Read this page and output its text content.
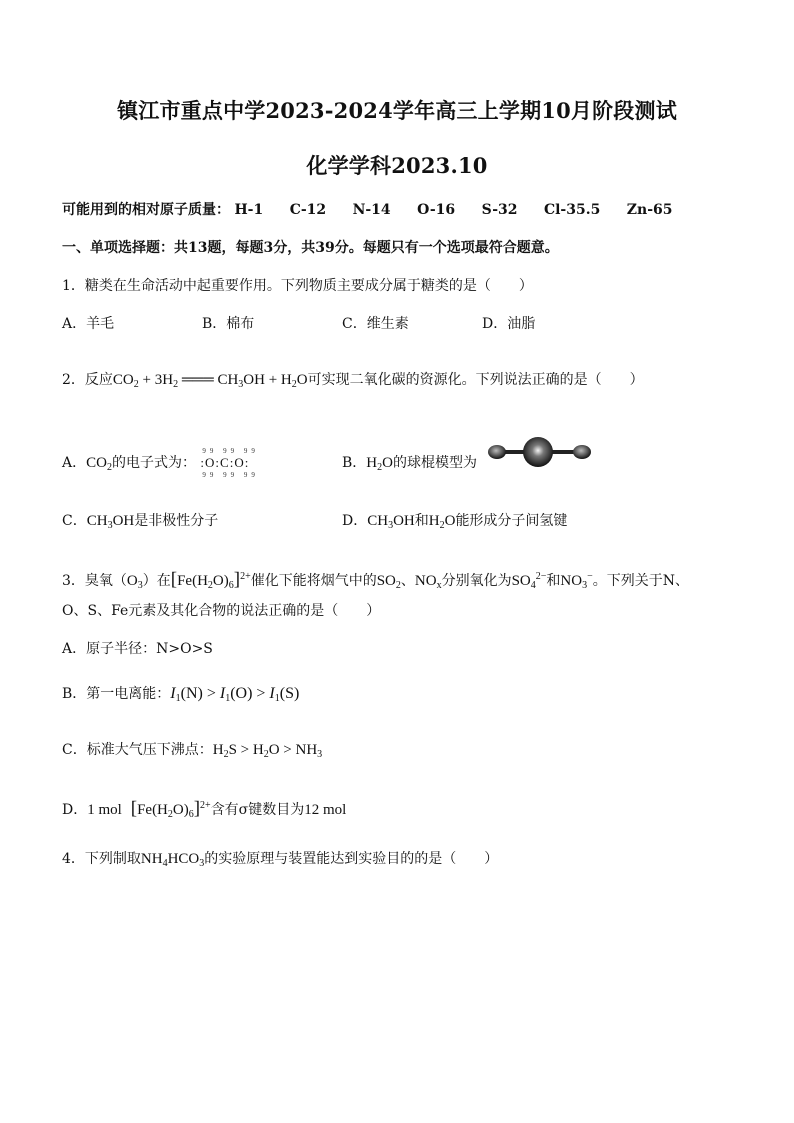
镇江市重点中学2023-2024学年高三上学期10月阶段测试
化学学科2023.10
可能用到的相对原子质量： H-1 C-12 N-14 O-16 S-32 Cl-35.5 Zn-65
一、单项选择题：共13题，每题3分，共39分。每题只有一个选项最符合题意。
1．糖类在生命活动中起重要作用。下列物质主要成分属于糖类的是（　　）
A．羊毛	B．棉布	C．维生素	D．油脂
2．反应$CO_2 + 3H_2$ ═══ $CH_3OH + H_2O$可实现二氧化碳的资源化。下列说法正确的是（　　）
A．$CO_2$的电子式为：
99 99 99
:O:C:O:
99 99 99
B．$H_2O$的球棍模型为
C．$CH_3OH$是非极性分子	D．$CH_3OH$和$H_2O$能形成分子间氢键
3．臭氧$(O_3)$在$[Fe(H_2O)_6]^{2+}$催化下能将烟气中的$SO_2$、$NO_x$分别氧化为$SO_4^{2-}$和$NO_3^-$。下列关于N、
O、S、Fe元素及其化合物的说法正确的是（　　）
A．原子半径：N>O>S
B．第一电离能：$I_1(N) > I_1(O) > I_1(S)$
C．标准大气压下沸点：$H_2S > H_2O > NH_3$
D．1 mol $[Fe(H_2O)_6]^{2+}$含有σ键数目为12 mol
4．下列制取$NH_4HCO_3$的实验原理与装置能达到实验目的的是（　　）
